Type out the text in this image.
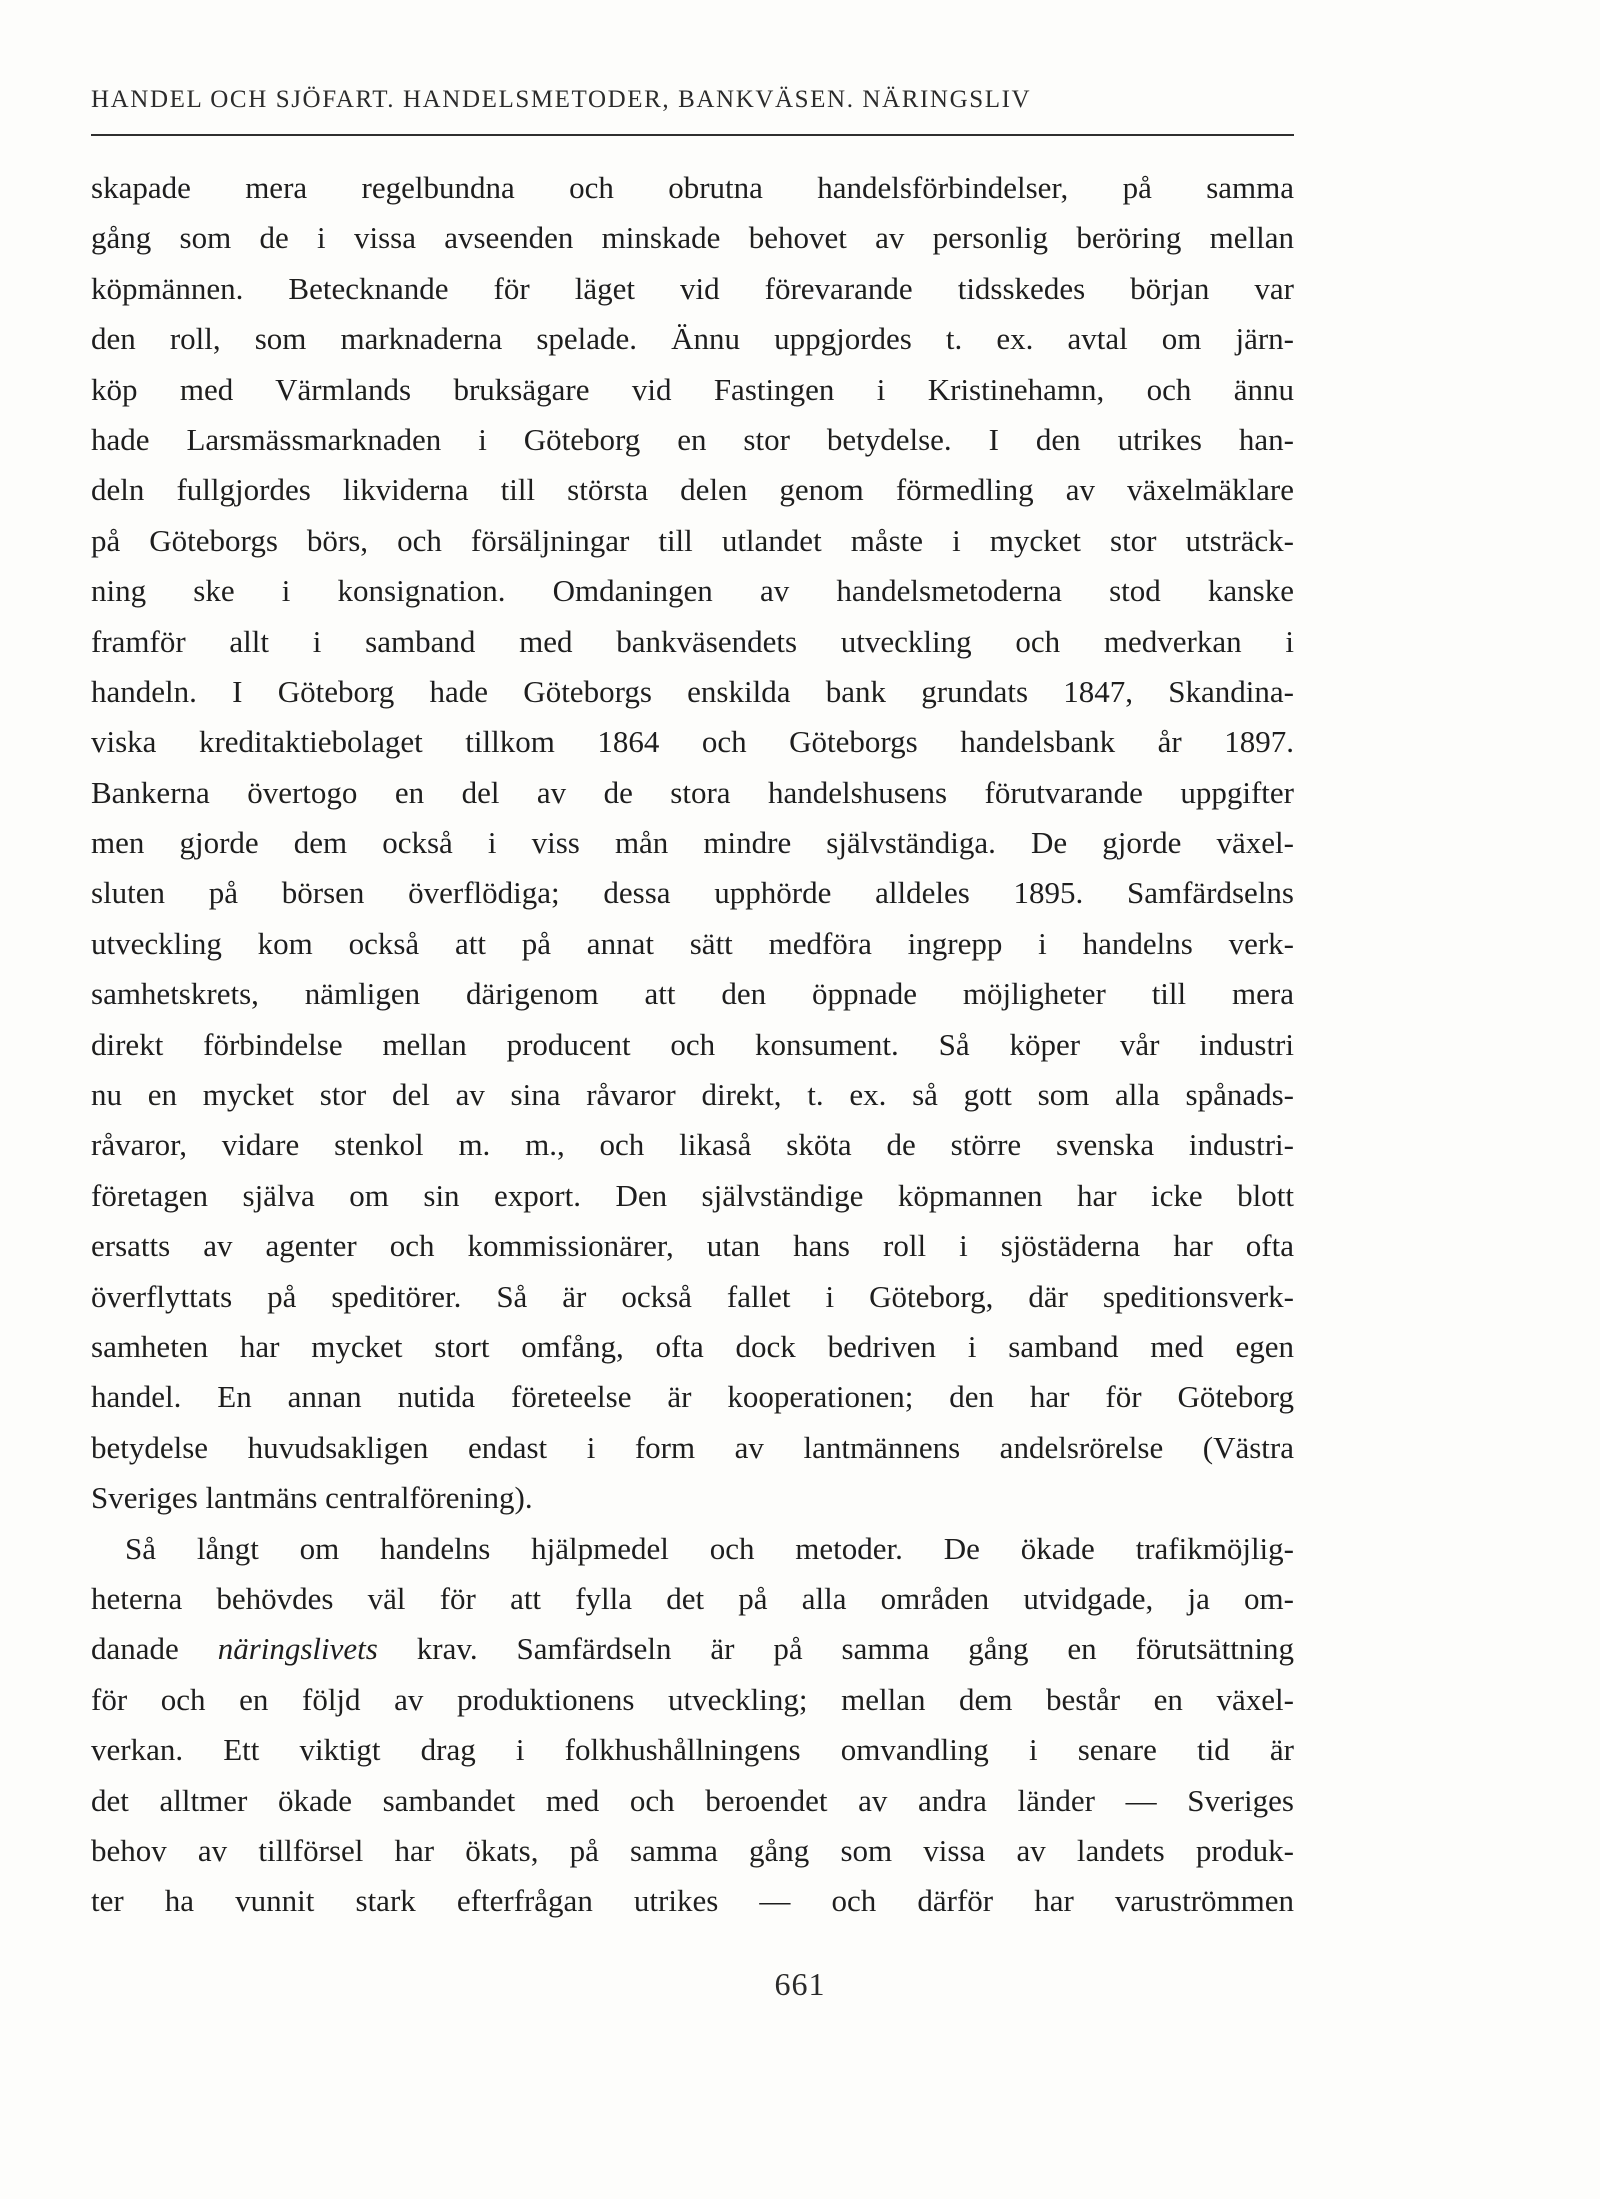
HANDEL OCH SJÖFART. HANDELSMETODER, BANKVÄSEN. NÄRINGSLIV
skapade mera regelbundna och obrutna handelsförbindelser, på samma
gång som de i vissa avseenden minskade behovet av personlig beröring mellan
köpmännen. Betecknande för läget vid förevarande tidsskedes början var
den roll, som marknaderna spelade. Ännu uppgjordes t. ex. avtal om järn-
köp med Värmlands bruksägare vid Fastingen i Kristinehamn, och ännu
hade Larsmässmarknaden i Göteborg en stor betydelse. I den utrikes han-
deln fullgjordes likviderna till största delen genom förmedling av växelmäklare
på Göteborgs börs, och försäljningar till utlandet måste i mycket stor utsträck-
ning ske i konsignation. Omdaningen av handelsmetoderna stod kanske
framför allt i samband med bankväsendets utveckling och medverkan i
handeln. I Göteborg hade Göteborgs enskilda bank grundats 1847, Skandina-
viska kreditaktiebolaget tillkom 1864 och Göteborgs handelsbank år 1897.
Bankerna övertogo en del av de stora handelshusens förutvarande uppgifter
men gjorde dem också i viss mån mindre självständiga. De gjorde växel-
sluten på börsen överflödiga; dessa upphörde alldeles 1895. Samfärdselns
utveckling kom också att på annat sätt medföra ingrepp i handelns verk-
samhetskrets, nämligen därigenom att den öppnade möjligheter till mera
direkt förbindelse mellan producent och konsument. Så köper vår industri
nu en mycket stor del av sina råvaror direkt, t. ex. så gott som alla spånads-
råvaror, vidare stenkol m. m., och likaså sköta de större svenska industri-
företagen själva om sin export. Den självständige köpmannen har icke blott
ersatts av agenter och kommissionärer, utan hans roll i sjöstäderna har ofta
överflyttats på speditörer. Så är också fallet i Göteborg, där speditionsverk-
samheten har mycket stort omfång, ofta dock bedriven i samband med egen
handel. En annan nutida företeelse är kooperationen; den har för Göteborg
betydelse huvudsakligen endast i form av lantmännens andelsrörelse (Västra
Sveriges lantmäns centralförening).
Så långt om handelns hjälpmedel och metoder. De ökade trafikmöjlig-
heterna behövdes väl för att fylla det på alla områden utvidgade, ja om-
danade näringslivets krav. Samfärdseln är på samma gång en förutsättning
för och en följd av produktionens utveckling; mellan dem består en växel-
verkan. Ett viktigt drag i folkhushållningens omvandling i senare tid är
det alltmer ökade sambandet med och beroendet av andra länder — Sveriges
behov av tillförsel har ökats, på samma gång som vissa av landets produk-
ter ha vunnit stark efterfrågan utrikes — och därför har varuströmmen
661
